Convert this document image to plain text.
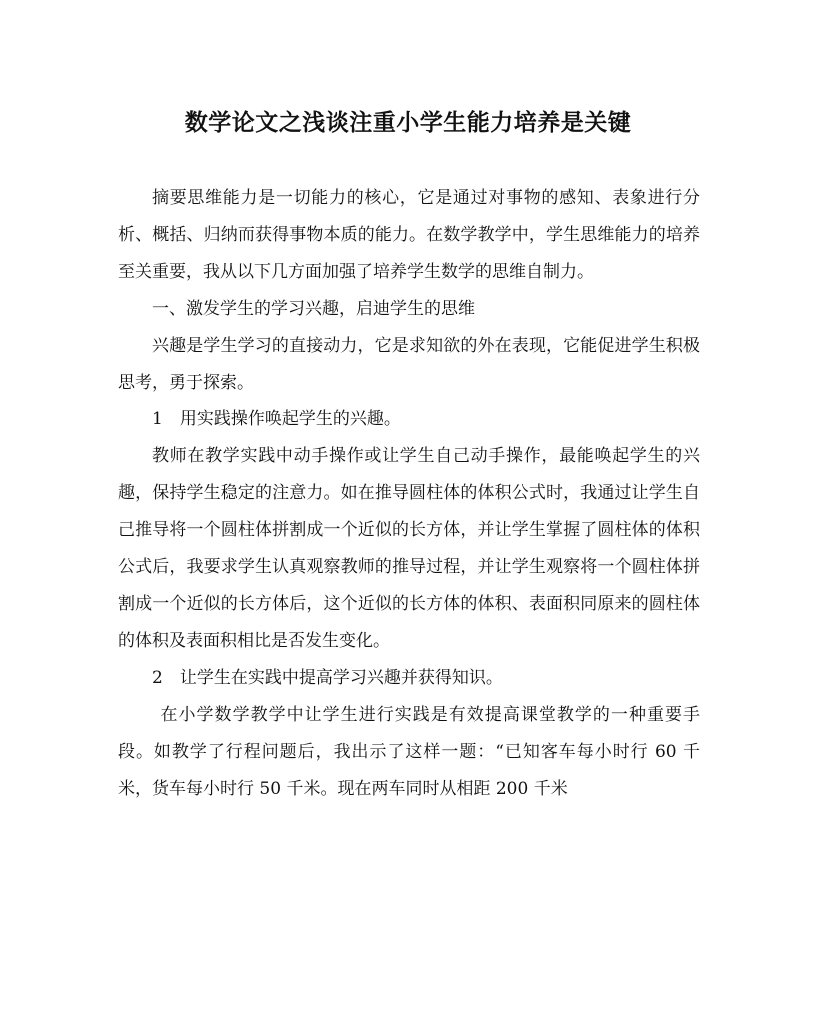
数学论文之浅谈注重小学生能力培养是关键

摘要思维能力是一切能力的核心，它是通过对事物的感知、表象进行分析、概括、归纳而获得事物本质的能力。在数学教学中，学生思维能力的培养至关重要，我从以下几方面加强了培养学生数学的思维自制力。

一、激发学生的学习兴趣，启迪学生的思维

兴趣是学生学习的直接动力，它是求知欲的外在表现，它能促进学生积极思考，勇于探索。

1　用实践操作唤起学生的兴趣。

教师在教学实践中动手操作或让学生自己动手操作，最能唤起学生的兴趣，保持学生稳定的注意力。如在推导圆柱体的体积公式时，我通过让学生自己推导将一个圆柱体拼割成一个近似的长方体，并让学生掌握了圆柱体的体积公式后，我要求学生认真观察教师的推导过程，并让学生观察将一个圆柱体拼割成一个近似的长方体后，这个近似的长方体的体积、表面积同原来的圆柱体的体积及表面积相比是否发生变化。

2　让学生在实践中提高学习兴趣并获得知识。

在小学数学教学中让学生进行实践是有效提高课堂教学的一种重要手段。如教学了行程问题后，我出示了这样一题：“已知客车每小时行 60 千米，货车每小时行 50 千米。现在两车同时从相距 200 千米
